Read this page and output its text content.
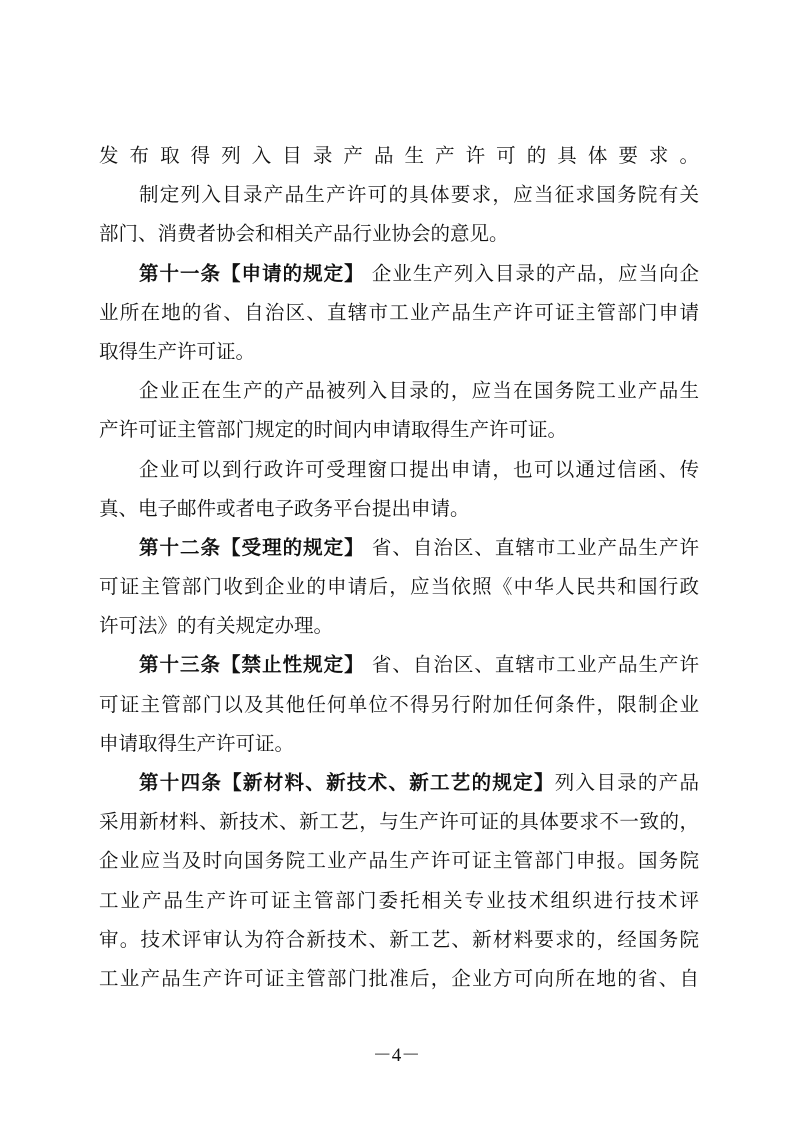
发布取得列入目录产品生产许可的具体要求。
制定列入目录产品生产许可的具体要求，应当征求国务院有关
部门、消费者协会和相关产品行业协会的意见。
第十一条【申请的规定】 企业生产列入目录的产品，应当向企
业所在地的省、自治区、直辖市工业产品生产许可证主管部门申请
取得生产许可证。
企业正在生产的产品被列入目录的，应当在国务院工业产品生
产许可证主管部门规定的时间内申请取得生产许可证。
企业可以到行政许可受理窗口提出申请，也可以通过信函、传
真、电子邮件或者电子政务平台提出申请。
第十二条【受理的规定】 省、自治区、直辖市工业产品生产许
可证主管部门收到企业的申请后，应当依照《中华人民共和国行政
许可法》的有关规定办理。
第十三条【禁止性规定】 省、自治区、直辖市工业产品生产许
可证主管部门以及其他任何单位不得另行附加任何条件，限制企业
申请取得生产许可证。
第十四条【新材料、新技术、新工艺的规定】列入目录的产品
采用新材料、新技术、新工艺，与生产许可证的具体要求不一致的，
企业应当及时向国务院工业产品生产许可证主管部门申报。国务院
工业产品生产许可证主管部门委托相关专业技术组织进行技术评
审。技术评审认为符合新技术、新工艺、新材料要求的，经国务院
工业产品生产许可证主管部门批准后，企业方可向所在地的省、自
－4－
